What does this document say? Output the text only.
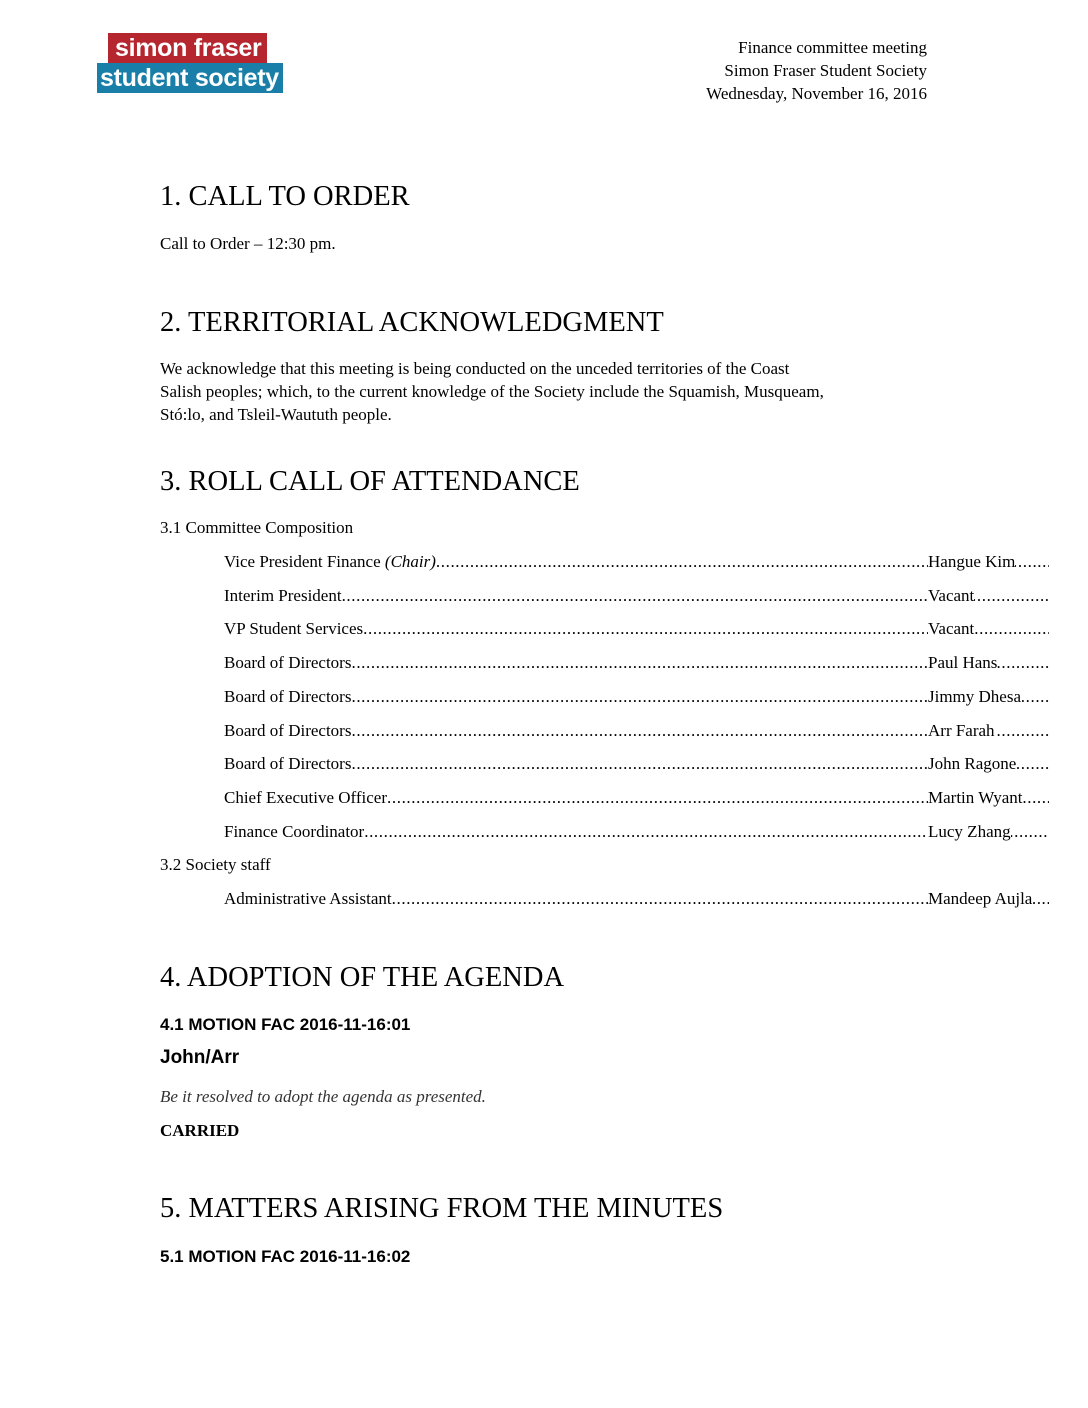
simon fraser
student society
Finance committee meeting
Simon Fraser Student Society
Wednesday, November 16, 2016
1. CALL TO ORDER
Call to Order – 12:30 pm.
2. TERRITORIAL ACKNOWLEDGMENT
We acknowledge that this meeting is being conducted on the unceded territories of the Coast
Salish peoples; which, to the current knowledge of the Society include the Squamish, Musqueam,
Stó:lo, and Tsleil-Waututh people.
3. ROLL CALL OF ATTENDANCE
3.1 Committee Composition
Vice President Finance (Chair) .....	Hangue Kim
Interim President .....	Vacant
VP Student Services .....	Vacant
Board of Directors .....	Paul Hans
Board of Directors .....	Jimmy Dhesa
Board of Directors .....	Arr Farah
Board of Directors .....	John Ragone
Chief Executive Officer .....	Martin Wyant
Finance Coordinator .....	Lucy Zhang
3.2 Society staff
Administrative Assistant .....	Mandeep Aujla
4. ADOPTION OF THE AGENDA
4.1 MOTION FAC 2016-11-16:01
John/Arr
Be it resolved to adopt the agenda as presented.
CARRIED
5. MATTERS ARISING FROM THE MINUTES
5.1 MOTION FAC 2016-11-16:02
